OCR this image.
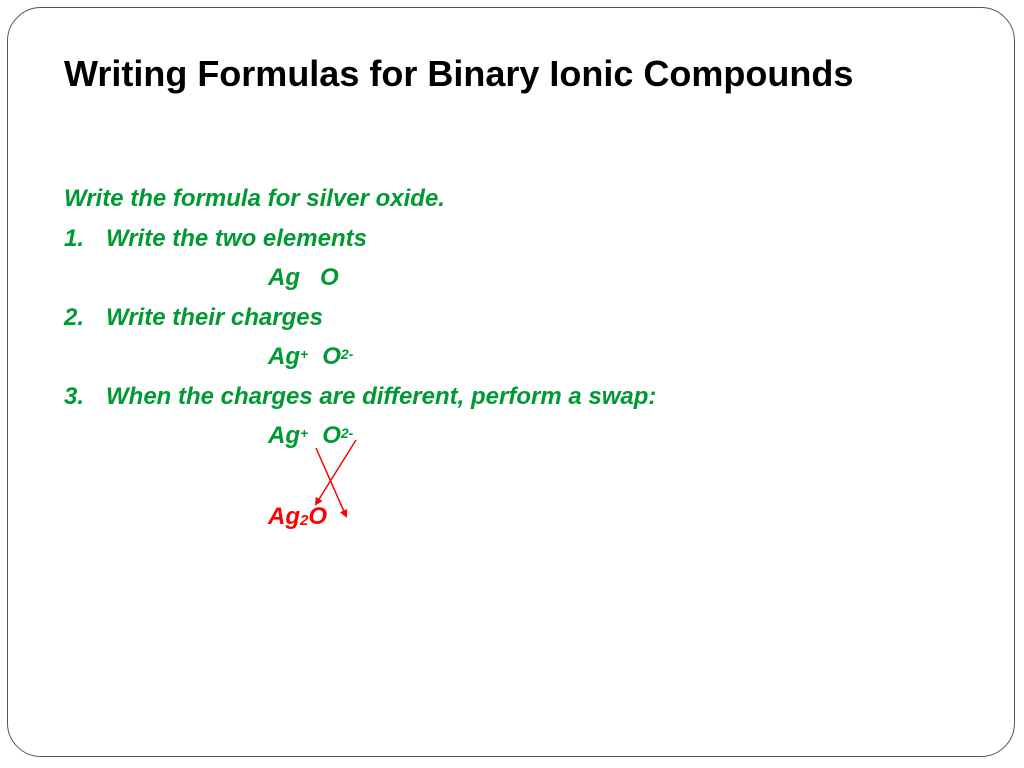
Writing Formulas for Binary Ionic Compounds
Write the formula for silver oxide.
1. Write the two elements
Ag O
2. Write their charges
Ag+ $O^{2-}$
3. When the charges are different, perform a swap:
Ag+ $O^{2-}$
Ag2O
